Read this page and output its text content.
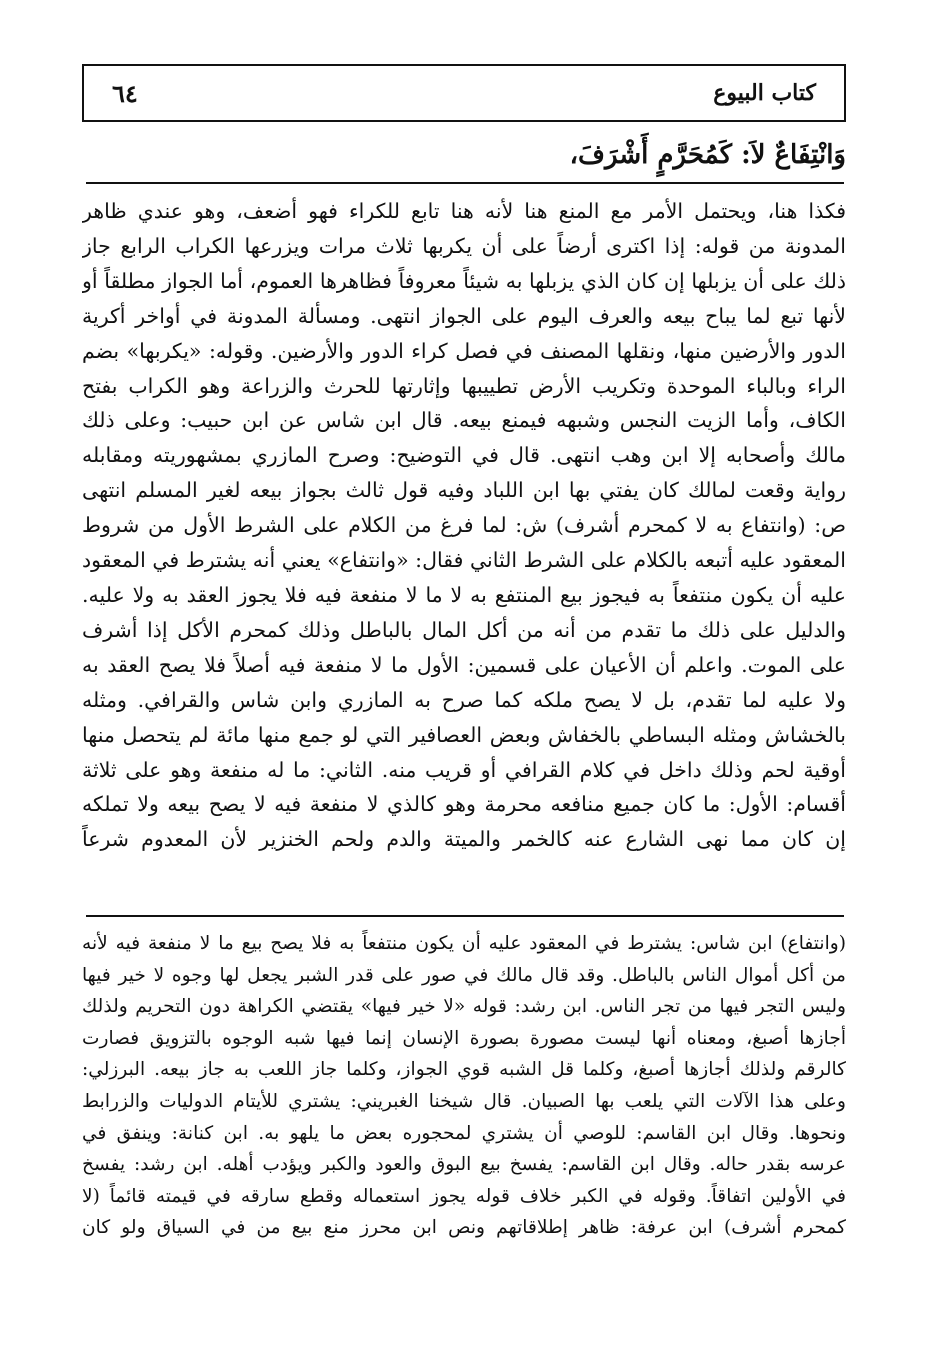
٦٤	كتاب البيوع
وَانْتِفَاعٌ لاَ: كَمُحَرَّمٍ أَشْرَفَ،

فكذا هنا، ويحتمل الأمر مع المنع هنا لأنه هنا تابع للكراء فهو أضعف، وهو عندي ظاهر

المدونة من قوله: إذا اكترى أرضاً على أن يكربها ثلاث مرات ويزرعها الكراب الرابع جاز

ذلك على أن يزبلها إن كان الذي يزبلها به شيئاً معروفاً فظاهرها العموم، أما الجواز مطلقاً أو

لأنها تبع لما يباح بيعه والعرف اليوم على الجواز انتهى. ومسألة المدونة في أواخر أكرية

الدور والأرضين منها، ونقلها المصنف في فصل كراء الدور والأرضين. وقوله: «يكربها» بضم

الراء وبالباء الموحدة وتكريب الأرض تطييبها وإثارتها للحرث والزراعة وهو الكراب بفتح

الكاف، وأما الزيت النجس وشبهه فيمنع بيعه. قال ابن شاس عن ابن حبيب: وعلى ذلك

مالك وأصحابه إلا ابن وهب انتهى. قال في التوضيح: وصرح المازري بمشهوريته ومقابله

رواية وقعت لمالك كان يفتي بها ابن اللباد وفيه قول ثالث بجواز بيعه لغير المسلم انتهى

ص: (وانتفاع به لا كمحرم أشرف) ش: لما فرغ من الكلام على الشرط الأول من شروط

المعقود عليه أتبعه بالكلام على الشرط الثاني فقال: «وانتفاع» يعني أنه يشترط في المعقود

عليه أن يكون منتفعاً به فيجوز بيع المنتفع به لا ما لا منفعة فيه فلا يجوز العقد به ولا عليه.

والدليل على ذلك ما تقدم من أنه من أكل المال بالباطل وذلك كمحرم الأكل إذا أشرف

على الموت. واعلم أن الأعيان على قسمين: الأول ما لا منفعة فيه أصلاً فلا يصح العقد به

ولا عليه لما تقدم، بل لا يصح ملكه كما صرح به المازري وابن شاس والقرافي. ومثله

بالخشاش ومثله البساطي بالخفاش وبعض العصافير التي لو جمع منها مائة لم يتحصل منها

أوقية لحم وذلك داخل في كلام القرافي أو قريب منه. الثاني: ما له منفعة وهو على ثلاثة

أقسام: الأول: ما كان جميع منافعه محرمة وهو كالذي لا منفعة فيه لا يصح بيعه ولا تملكه

إن كان مما نهى الشارع عنه كالخمر والميتة والدم ولحم الخنزير لأن المعدوم شرعاً

(وانتفاع) ابن شاس: يشترط في المعقود عليه أن يكون منتفعاً به فلا يصح بيع ما لا منفعة فيه لأنه

من أكل أموال الناس بالباطل. وقد قال مالك في صور على قدر الشبر يجعل لها وجوه لا خير فيها

وليس التجر فيها من تجر الناس. ابن رشد: قوله «لا خير فيها» يقتضي الكراهة دون التحريم ولذلك

أجازها أصبغ، ومعناه أنها ليست مصورة بصورة الإنسان إنما فيها شبه الوجوه بالتزويق فصارت

كالرقم ولذلك أجازها أصبغ، وكلما قل الشبه قوي الجواز، وكلما جاز اللعب به جاز بيعه. البرزلي:

وعلى هذا الآلات التي يلعب بها الصبيان. قال شيخنا الغبريني: يشتري للأيتام الدوليات والزرابط

ونحوها. وقال ابن القاسم: للوصي أن يشتري لمحجوره بعض ما يلهو به. ابن كنانة: وينفق في

عرسه بقدر حاله. وقال ابن القاسم: يفسخ بيع البوق والعود والكبر ويؤدب أهله. ابن رشد: يفسخ

في الأولين اتفاقاً. وقوله في الكبر خلاف قوله يجوز استعماله وقطع سارقه في قيمته قائماً (لا

كمحرم أشرف) ابن عرفة: ظاهر إطلاقاتهم ونص ابن محرز منع بيع من في السياق ولو كان
